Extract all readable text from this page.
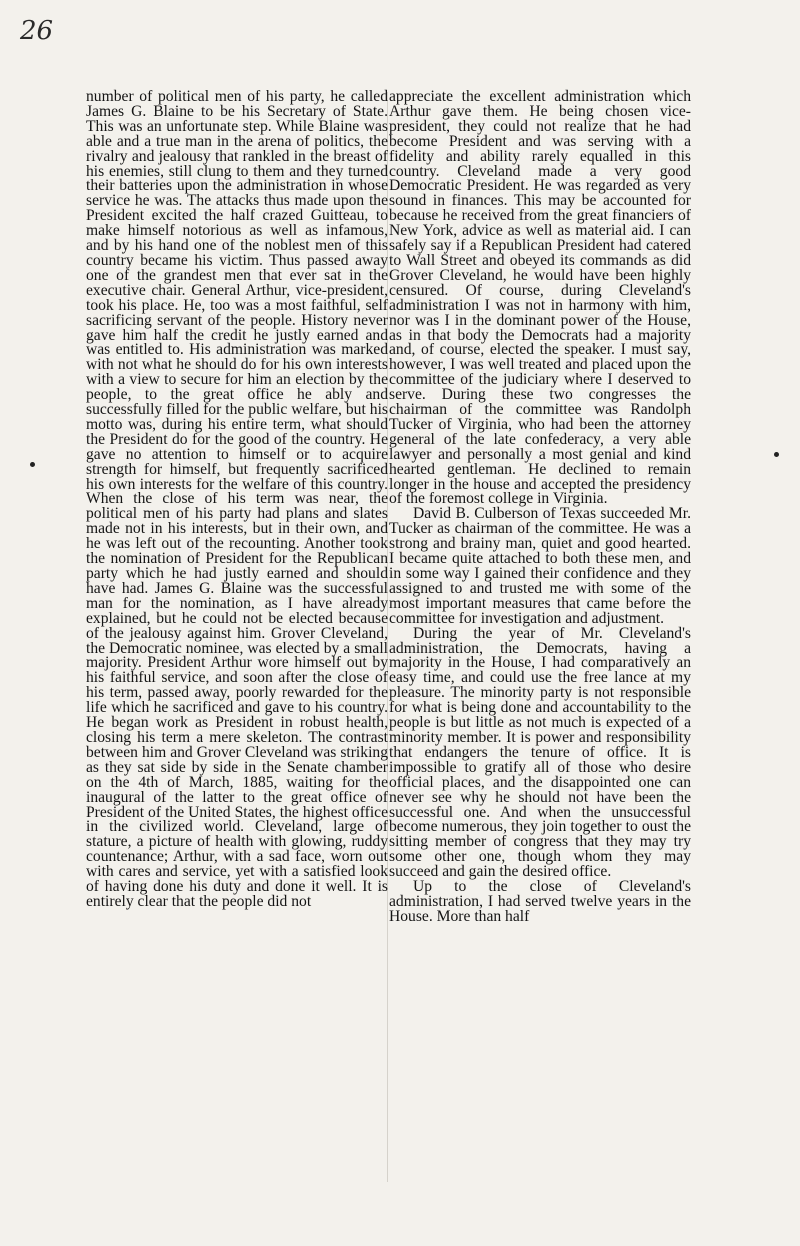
26

number of political men of his party, he called James G. Blaine to be his Secretary of State. This was an unfortunate step. While Blaine was able and a true man in the arena of politics, the rivalry and jealousy that rankled in the breast of his enemies, still clung to them and they turned their batteries upon the administration in whose service he was. The attacks thus made upon the President excited the half crazed Guitteau, to make himself notorious as well as infamous, and by his hand one of the noblest men of this country became his victim. Thus passed away one of the grandest men that ever sat in the executive chair. General Arthur, vice-president, took his place. He, too was a most faithful, self sacrificing servant of the people. History never gave him half the credit he justly earned and was entitled to. His administration was marked with not what he should do for his own interests with a view to secure for him an election by the people, to the great office he ably and successfully filled for the public welfare, but his motto was, during his entire term, what should the President do for the good of the country. He gave no attention to himself or to acquire strength for himself, but frequently sacrificed his own interests for the welfare of this country. When the close of his term was near, the political men of his party had plans and slates made not in his interests, but in their own, and he was left out of the recounting. Another took the nomination of President for the Republican party which he had justly earned and should have had. James G. Blaine was the successful man for the nomination, as I have already explained, but he could not be elected because of the jealousy against him. Grover Cleveland, the Democratic nominee, was elected by a small majority. President Arthur wore himself out by his faithful service, and soon after the close of his term, passed away, poorly rewarded for the life which he sacrificed and gave to his country. He began work as President in robust health, closing his term a mere skeleton. The contrast between him and Grover Cleveland was striking as they sat side by side in the Senate chamber on the 4th of March, 1885, waiting for the inaugural of the latter to the great office of President of the United States, the highest office in the civilized world. Cleveland, large of stature, a picture of health with glowing, ruddy countenance; Arthur, with a sad face, worn out with cares and service, yet with a satisfied look of having done his duty and done it well. It is entirely clear that the people did not

appreciate the excellent administration which Arthur gave them. He being chosen vice-president, they could not realize that he had become President and was serving with a fidelity and ability rarely equalled in this country. Cleveland made a very good Democratic President. He was regarded as very sound in finances. This may be accounted for because he received from the great financiers of New York, advice as well as material aid. I can safely say if a Republican President had catered to Wall Street and obeyed its commands as did Grover Cleveland, he would have been highly censured. Of course, during Cleveland's administration I was not in harmony with him, nor was I in the dominant power of the House, as in that body the Democrats had a majority and, of course, elected the speaker. I must say, however, I was well treated and placed upon the committee of the judiciary where I deserved to serve. During these two congresses the chairman of the committee was Randolph Tucker of Virginia, who had been the attorney general of the late confederacy, a very able lawyer and personally a most genial and kind hearted gentleman. He declined to remain longer in the house and accepted the presidency of the foremost college in Virginia.

David B. Culberson of Texas succeeded Mr. Tucker as chairman of the committee. He was a strong and brainy man, quiet and good hearted. I became quite attached to both these men, and in some way I gained their confidence and they assigned to and trusted me with some of the most important measures that came before the committee for investigation and adjustment.

During the year of Mr. Cleveland's administration, the Democrats, having a majority in the House, I had comparatively an easy time, and could use the free lance at my pleasure. The minority party is not responsible for what is being done and accountability to the people is but little as not much is expected of a minority member. It is power and responsibility that endangers the tenure of office. It is impossible to gratify all of those who desire official places, and the disappointed one can never see why he should not have been the successful one. And when the unsuccessful become numerous, they join together to oust the sitting member of congress that they may try some other one, though whom they may succeed and gain the desired office.

Up to the close of Cleveland's administration, I had served twelve years in the House. More than half
